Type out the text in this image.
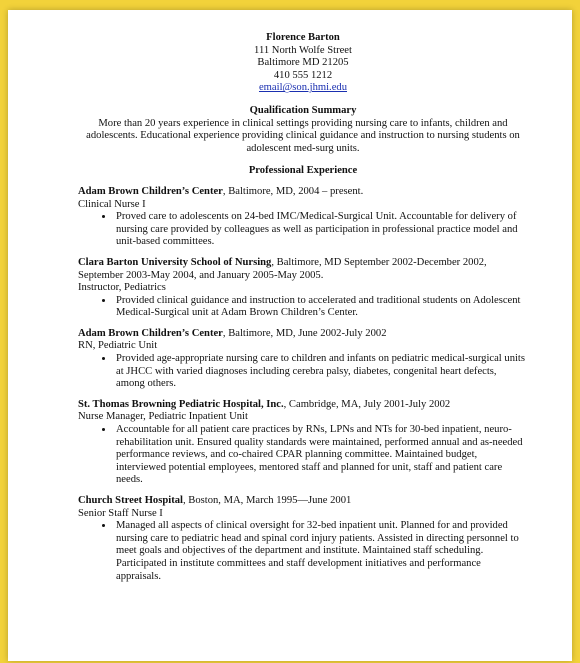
Florence Barton
111 North Wolfe Street
Baltimore MD 21205
410 555 1212
email@son.jhmi.edu
Qualification Summary
More than 20 years experience in clinical settings providing nursing care to infants, children and adolescents. Educational experience providing clinical guidance and instruction to nursing students on adolescent med-surg units.
Professional Experience
Adam Brown Children’s Center, Baltimore, MD, 2004 – present.
Clinical Nurse I
• Proved care to adolescents on 24-bed IMC/Medical-Surgical Unit. Accountable for delivery of nursing care provided by colleagues as well as participation in professional practice model and unit-based committees.
Clara Barton University School of Nursing, Baltimore, MD September 2002-December 2002, September 2003-May 2004, and January 2005-May 2005.
Instructor, Pediatrics
• Provided clinical guidance and instruction to accelerated and traditional students on Adolescent Medical-Surgical unit at Adam Brown Children’s Center.
Adam Brown Children’s Center, Baltimore, MD, June 2002-July 2002
RN, Pediatric Unit
• Provided age-appropriate nursing care to children and infants on pediatric medical-surgical units at JHCC with varied diagnoses including cerebra palsy, diabetes, congenital heart defects, among others.
St. Thomas Browning Pediatric Hospital, Inc., Cambridge, MA, July 2001-July 2002
Nurse Manager, Pediatric Inpatient Unit
• Accountable for all patient care practices by RNs, LPNs and NTs for 30-bed inpatient, neuro-rehabilitation unit. Ensured quality standards were maintained, performed annual and as-needed performance reviews, and co-chaired CPAR planning committee. Maintained budget, interviewed potential employees, mentored staff and planned for unit, staff and patient care needs.
Church Street Hospital, Boston, MA, March 1995—June 2001
Senior Staff Nurse I
• Managed all aspects of clinical oversight for 32-bed inpatient unit. Planned for and provided nursing care to pediatric head and spinal cord injury patients. Assisted in directing personnel to meet goals and objectives of the department and institute. Maintained staff scheduling. Participated in institute committees and staff development initiatives and performance appraisals.
